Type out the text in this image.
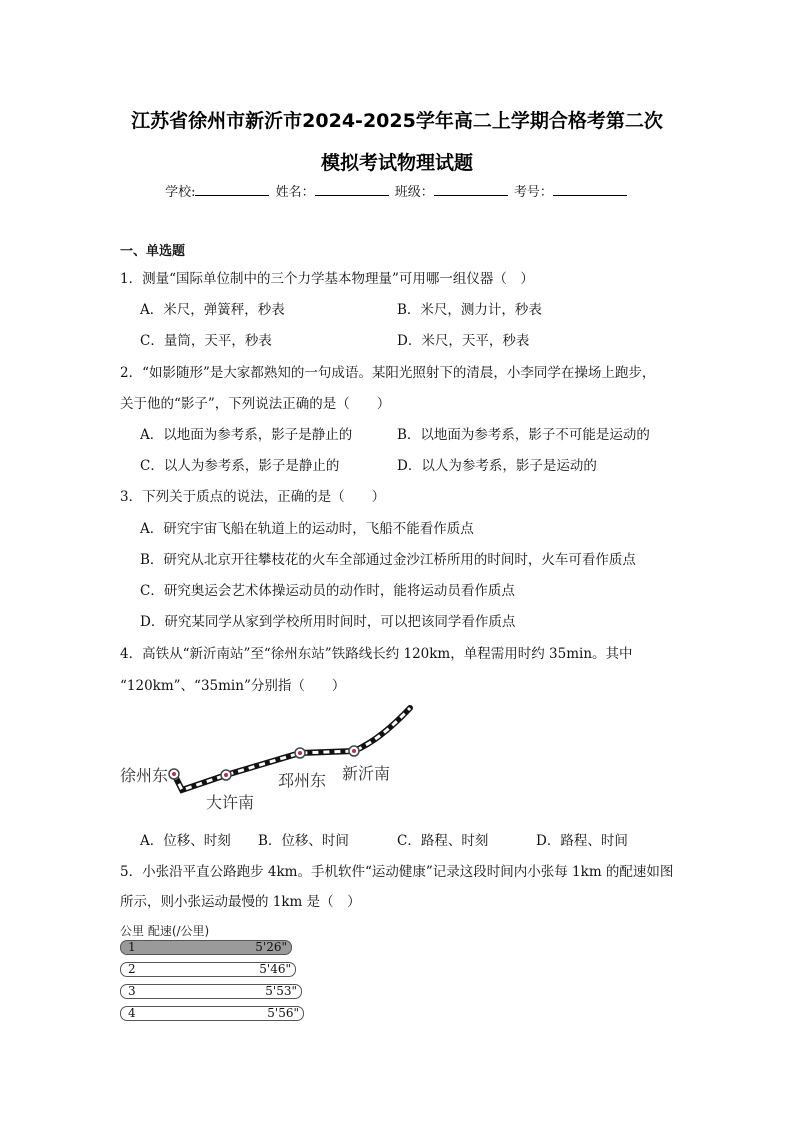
江苏省徐州市新沂市2024-2025学年高二上学期合格考第二次
模拟考试物理试题
学校:	姓名：	班级：	考号：
一、单选题
1．测量“国际单位制中的三个力学基本物理量”可用哪一组仪器（　）
A．米尺，弹簧秤，秒表	B．米尺，测力计，秒表
C．量筒，天平，秒表	D．米尺，天平，秒表
2．“如影随形”是大家都熟知的一句成语。某阳光照射下的清晨，小李同学在操场上跑步，
关于他的“影子”，下列说法正确的是（　　）
A．以地面为参考系，影子是静止的	B．以地面为参考系，影子不可能是运动的
C．以人为参考系，影子是静止的	D．以人为参考系，影子是运动的
3．下列关于质点的说法，正确的是（　　）
A．研究宇宙飞船在轨道上的运动时，飞船不能看作质点
B．研究从北京开往攀枝花的火车全部通过金沙江桥所用的时间时，火车可看作质点
C．研究奥运会艺术体操运动员的动作时，能将运动员看作质点
D．研究某同学从家到学校所用时间时，可以把该同学看作质点
4．高铁从“新沂南站”至“徐州东站”铁路线长约 120km，单程需用时约 35min。其中
“120km”、“35min”分别指（　　）
徐州东
大许南
邳州东 新沂南
A．位移、时刻 B．位移、时间	C．路程、时刻	D．路程、时间
5．小张沿平直公路跑步 4km。手机软件“运动健康”记录这段时间内小张每 1km 的配速如图
所示，则小张运动最慢的 1km 是（　）
公里 配速(/公里)
1	5'26"
2	5'46"
3	5'53"
4	5'56"
